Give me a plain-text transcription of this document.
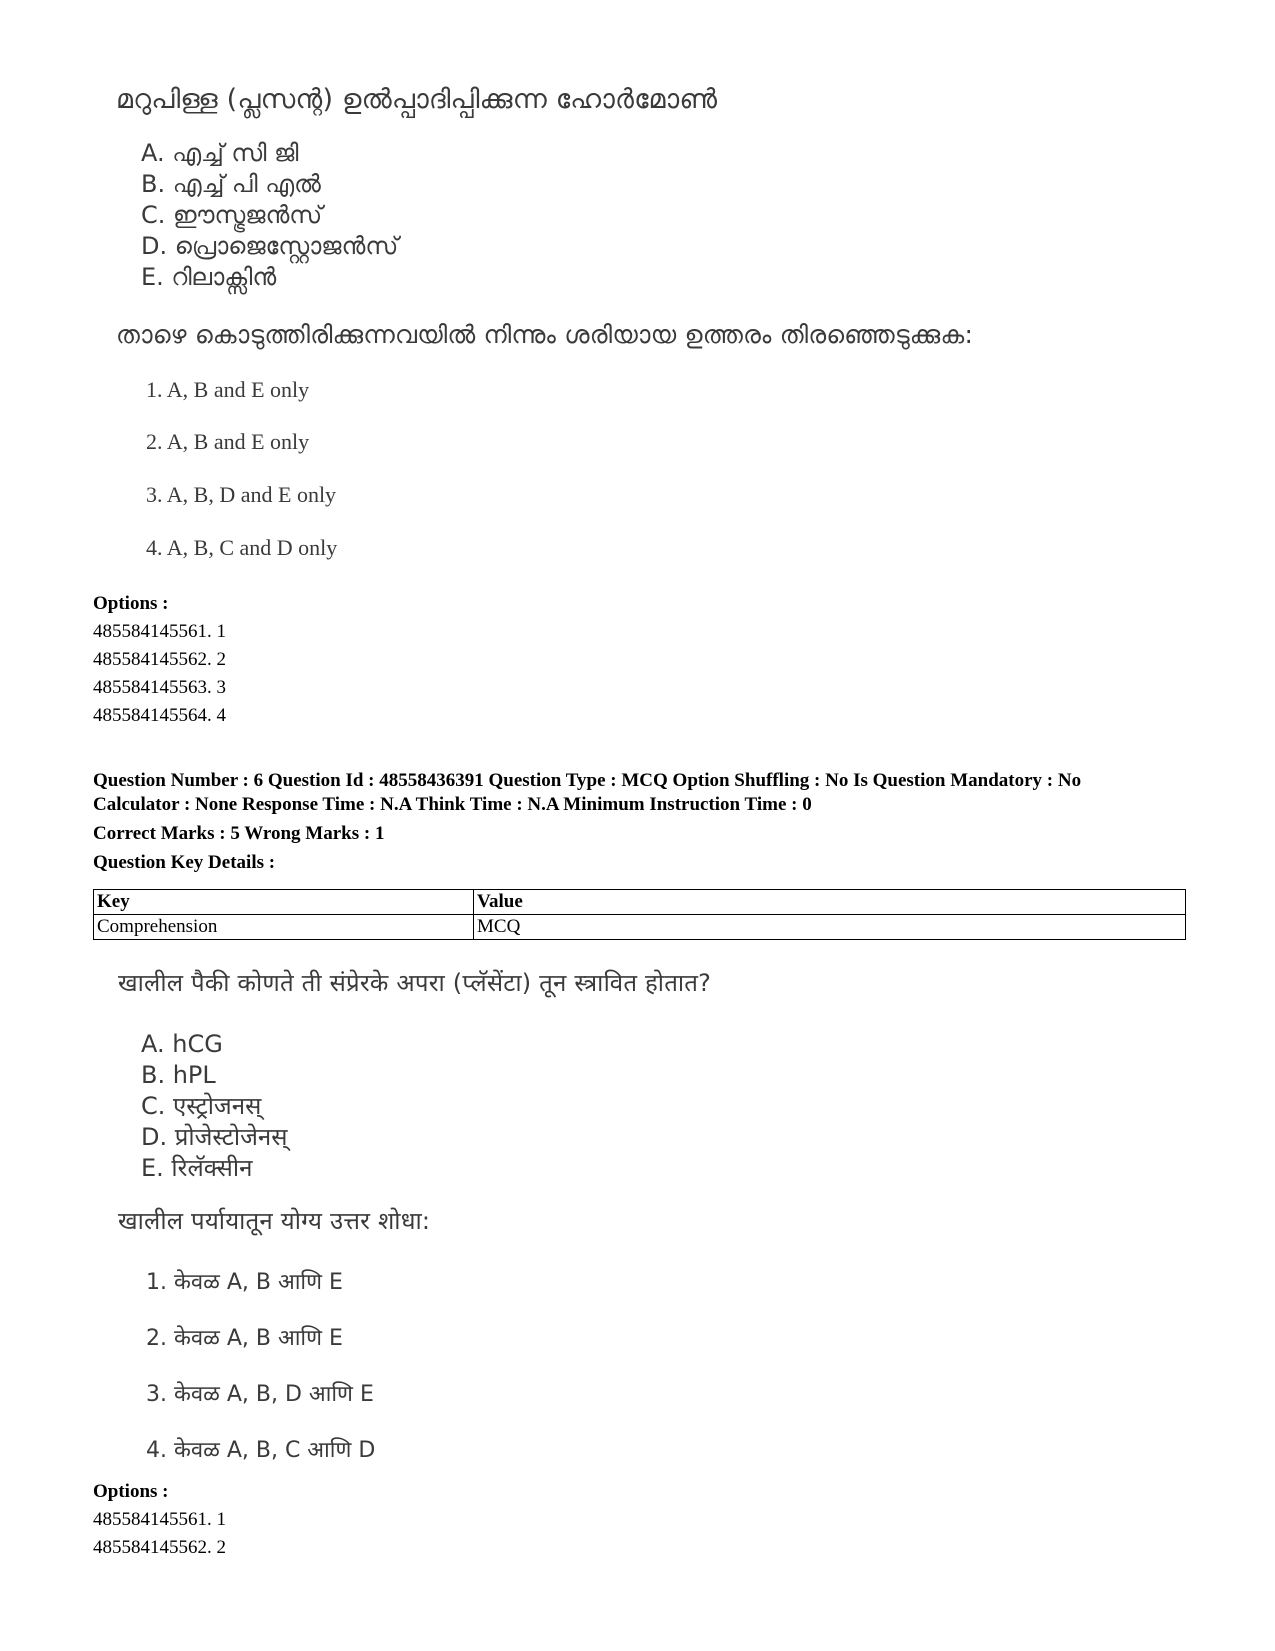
മറുപിള്ള (പ്ലസന്റ) ഉൽപ്പാദിപ്പിക്കുന്ന ഹോർമോൺ

A. എച്ച് സി ജി

B. എച്ച് പി എൽ

C. ഈസ്ട്രജൻസ്

D. പ്രൊജെസ്റ്റോജൻസ്

E. റിലാക്സിൻ

താഴെ കൊടുത്തിരിക്കുന്നവയിൽ നിന്നും ശരിയായ ഉത്തരം തിരഞ്ഞെടുക്കുക:

1. A, B and E only

2. A, B and E only

3. A, B, D and E only

4. A, B, C and D only

Options :
485584145561. 1
485584145562. 2
485584145563. 3
485584145564. 4
Question Number : 6 Question Id : 48558436391 Question Type : MCQ Option Shuffling : No Is Question Mandatory : No
Calculator : None Response Time : N.A Think Time : N.A Minimum Instruction Time : 0
Correct Marks : 5 Wrong Marks : 1
Question Key Details :
Key	Value
Comprehension	MCQ

खालील पैकी कोणते ती संप्रेरके अपरा (प्लॅसेंटा) तून स्त्रावित होतात?

A. hCG

B. hPL

C. एस्ट्रोजनस्

D. प्रोजेस्टोजेनस्

E. रिलॅक्सीन

खालील पर्यायातून योग्य उत्तर शोधा:

1. केवळ A, B आणि E

2. केवळ A, B आणि E

3. केवळ A, B, D आणि E

4. केवळ A, B, C आणि D

Options :
485584145561. 1
485584145562. 2
